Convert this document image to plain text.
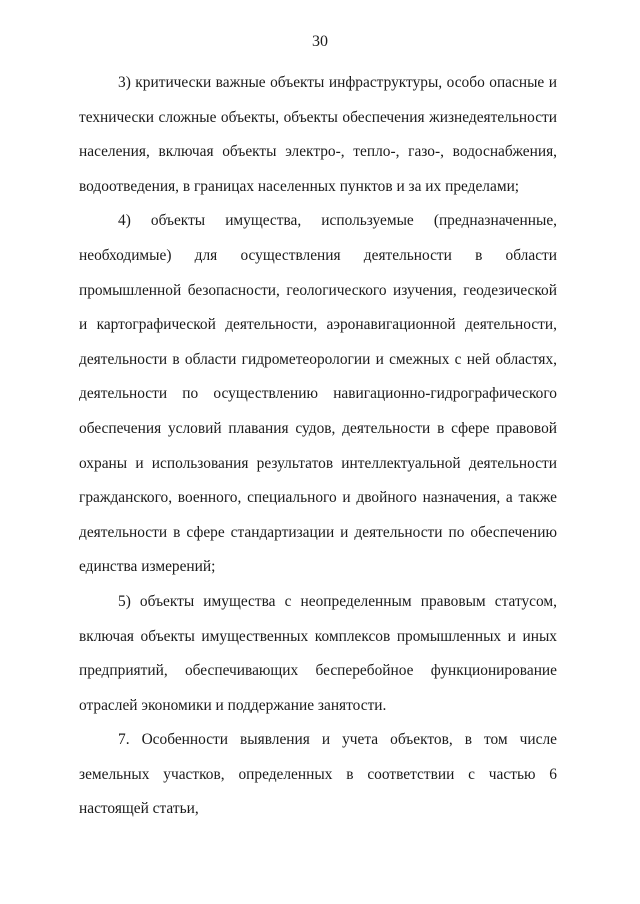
30

3) критически важные объекты инфраструктуры, особо опасные и технически сложные объекты, объекты обеспечения жизнедеятельности населения, включая объекты электро-, тепло-, газо-, водоснабжения, водоотведения, в границах населенных пунктов и за их пределами;

4) объекты имущества, используемые (предназначенные, необходимые) для осуществления деятельности в области промышленной безопасности, геологического изучения, геодезической и картографической деятельности, аэронавигационной деятельности, деятельности в области гидрометеорологии и смежных с ней областях, деятельности по осуществлению навигационно-гидрографического обеспечения условий плавания судов, деятельности в сфере правовой охраны и использования результатов интеллектуальной деятельности гражданского, военного, специального и двойного назначения, а также деятельности в сфере стандартизации и деятельности по обеспечению единства измерений;

5) объекты имущества с неопределенным правовым статусом, включая объекты имущественных комплексов промышленных и иных предприятий, обеспечивающих бесперебойное функционирование отраслей экономики и поддержание занятости.

7. Особенности выявления и учета объектов, в том числе земельных участков, определенных в соответствии с частью 6 настоящей статьи,
